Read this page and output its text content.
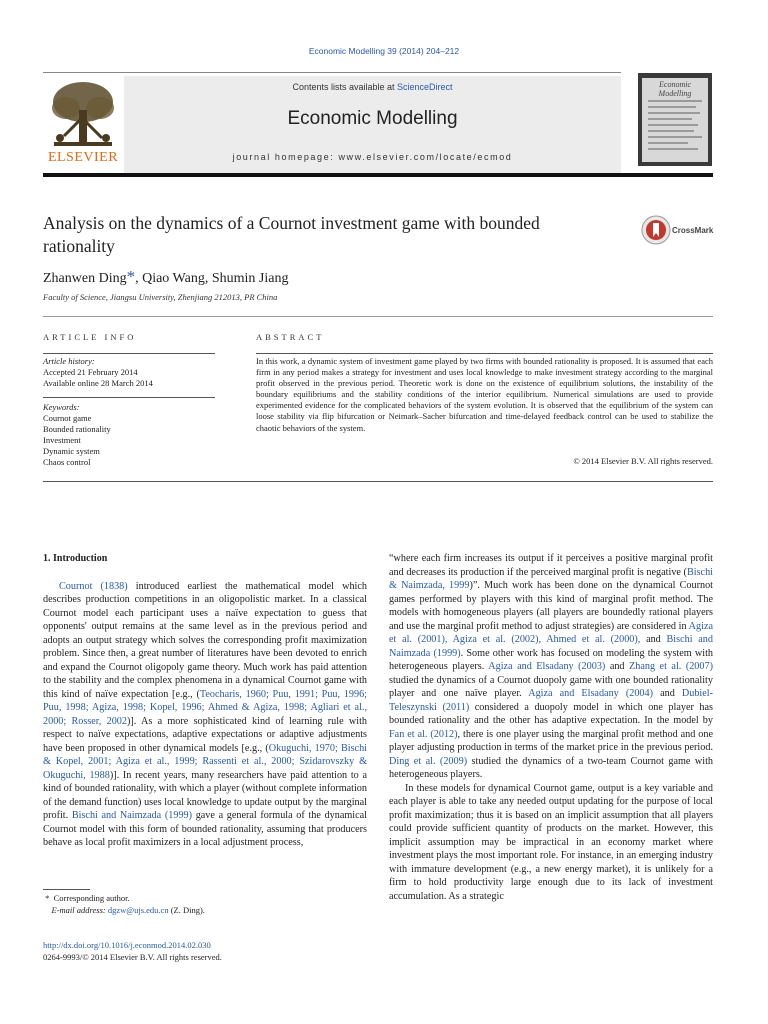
Economic Modelling 39 (2014) 204–212
ELSEVIER
Contents lists available at ScienceDirect
Economic Modelling
journal homepage: www.elsevier.com/locate/ecmod
Economic Modelling
Analysis on the dynamics of a Cournot investment game with bounded rationality
CrossMark
Zhanwen Ding*, Qiao Wang, Shumin Jiang
Faculty of Science, Jiangsu University, Zhenjiang 212013, PR China
ARTICLE INFO	ABSTRACT
Article history:
Accepted 21 February 2014
Available online 28 March 2014
Keywords:
Cournot game
Bounded rationality
Investment
Dynamic system
Chaos control
In this work, a dynamic system of investment game played by two firms with bounded rationality is proposed. It is assumed that each firm in any period makes a strategy for investment and uses local knowledge to make investment strategy according to the marginal profit observed in the previous period. Theoretic work is done on the existence of equilibrium solutions, the instability of the boundary equilibriums and the stability conditions of the interior equilibrium. Numerical simulations are used to provide experimented evidence for the complicated behaviors of the system evolution. It is observed that the equilibrium of the system can loose stability via flip bifurcation or Neimark–Sacher bifurcation and time-delayed feedback control can be used to stabilize the chaotic behaviors of the system.
© 2014 Elsevier B.V. All rights reserved.
1. Introduction

Cournot (1838) introduced earliest the mathematical model which describes production competitions in an oligopolistic market. In a classical Cournot model each participant uses a naïve expectation to guess that opponents' output remains at the same level as in the previous period and adopts an output strategy which solves the corresponding profit maximization problem. Since then, a great number of literatures have been devoted to enrich and expand the Cournot oligopoly game theory. Much work has paid attention to the stability and the complex phenomena in a dynamical Cournot game with this kind of naïve expectation [e.g., (Teocharis, 1960; Puu, 1991; Puu, 1996; Puu, 1998; Agiza, 1998; Kopel, 1996; Ahmed & Agiza, 1998; Agliari et al., 2000; Rosser, 2002)]. As a more sophisticated kind of learning rule with respect to naïve expectations, adaptive expectations or adaptive adjustments have been proposed in other dynamical models [e.g., (Okuguchi, 1970; Bischi & Kopel, 2001; Agiza et al., 1999; Rassenti et al., 2000; Szidarovszky & Okuguchi, 1988)]. In recent years, many researchers have paid attention to a kind of bounded rationality, with which a player (without complete information of the demand function) uses local knowledge to update output by the marginal profit. Bischi and Naimzada (1999) gave a general formula of the dynamical Cournot model with this form of bounded rationality, assuming that producers behave as local profit maximizers in a local adjustment process,

“where each firm increases its output if it perceives a positive marginal profit and decreases its production if the perceived marginal profit is negative (Bischi & Naimzada, 1999)”. Much work has been done on the dynamical Cournot games performed by players with this kind of marginal profit method. The models with homogeneous players (all players are boundedly rational players and use the marginal profit method to adjust strategies) are considered in Agiza et al. (2001), Agiza et al. (2002), Ahmed et al. (2000), and Bischi and Naimzada (1999). Some other work has focused on modeling the system with heterogeneous players. Agiza and Elsadany (2003) and Zhang et al. (2007) studied the dynamics of a Cournot duopoly game with one bounded rationality player and one naïve player. Agiza and Elsadany (2004) and Dubiel-Teleszynski (2011) considered a duopoly model in which one player has bounded rationality and the other has adaptive expectation. In the model by Fan et al. (2012), there is one player using the marginal profit method and one player adjusting production in terms of the market price in the previous period. Ding et al. (2009) studied the dynamics of a two-team Cournot game with heterogeneous players.

In these models for dynamical Cournot game, output is a key variable and each player is able to take any needed output updating for the purpose of local profit maximization; thus it is based on an implicit assumption that all players could provide sufficient quantity of products on the market. However, this implicit assumption may be impractical in an economy market where investment plays the most important role. For instance, in an emerging industry with immature development (e.g., a new energy market), it is unlikely for a firm to hold productivity large enough due to its lack of investment accumulation. As a strategic

* Corresponding author.
E-mail address: dgzw@ujs.edu.cn (Z. Ding).
http://dx.doi.org/10.1016/j.econmod.2014.02.030
0264-9993/© 2014 Elsevier B.V. All rights reserved.
